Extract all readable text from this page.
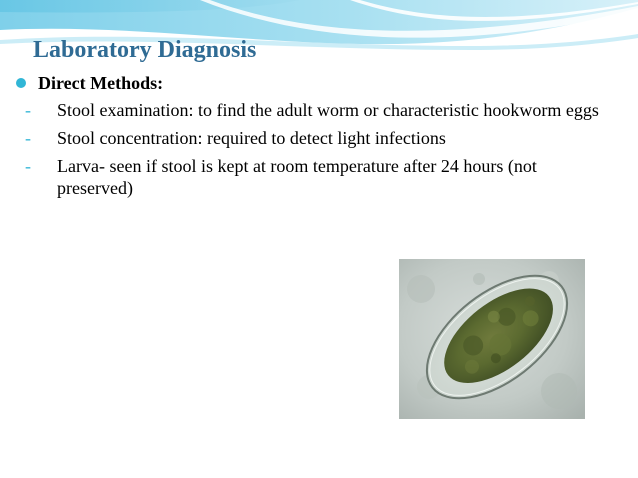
Laboratory Diagnosis
Direct Methods:
- Stool examination: to find the adult worm or characteristic hookworm eggs
- Stool concentration: required to detect light infections
- Larva- seen if stool is kept at room temperature after 24 hours (not preserved)
